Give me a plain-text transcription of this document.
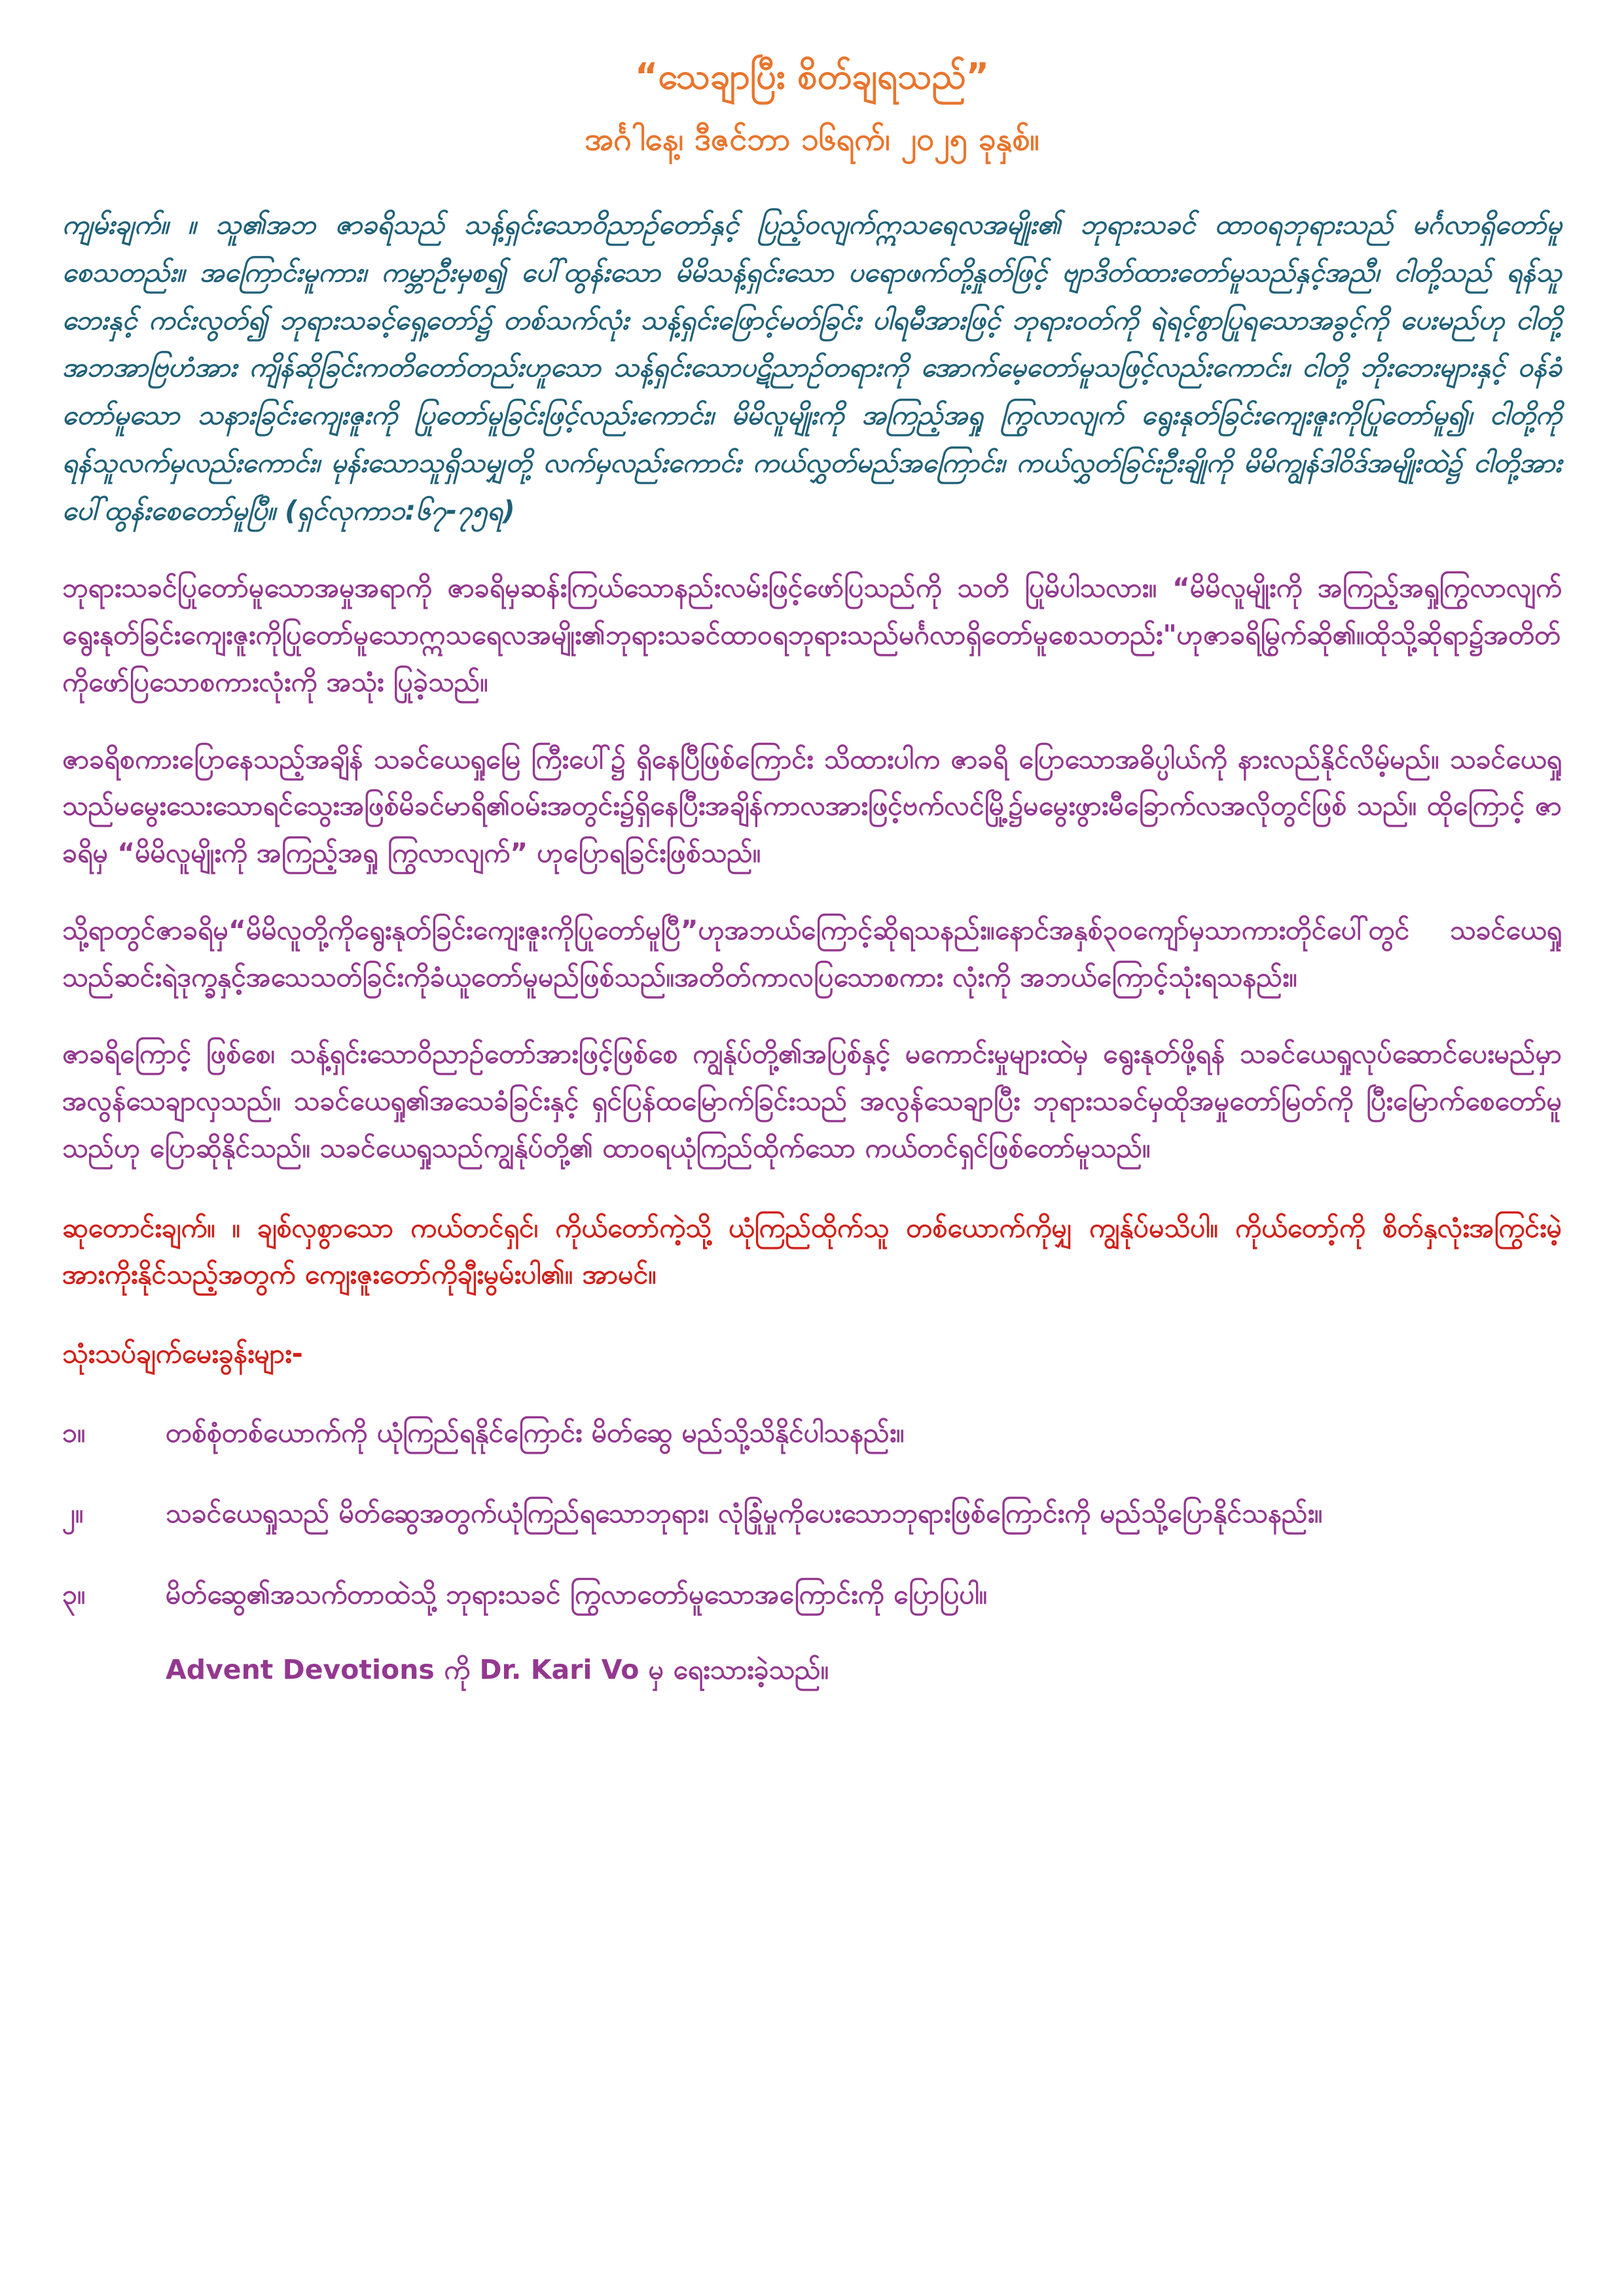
“သေချာပြီး စိတ်ချရသည်”
အင်္ဂါနေ့၊ ဒီဇင်ဘာ ၁၆ရက်၊ ၂၀၂၅ ခုနှစ်။

ကျမ်းချက်။ ။ သူ၏အဘ ဇာခရိသည် သန့်ရှင်းသောဝိညာဉ်တော်နှင့် ပြည့်ဝလျက်ဣသရေလအမျိုး၏ ဘုရားသခင် ထာဝရဘုရားသည် မင်္ဂလာရှိတော်မူစေသတည်း။ အကြောင်းမူကား၊ ကမ္ဘာဦးမှစ၍ ပေါ်ထွန်းသော မိမိသန့်ရှင်းသော ပရောဖက်တို့နှုတ်ဖြင့် ဗျာဒိတ်ထားတော်မူသည်နှင့်အညီ၊ ငါတို့သည် ရန်သူဘေးနှင့် ကင်းလွတ်၍ ဘုရားသခင့်ရှေ့တော်၌ တစ်သက်လုံး သန့်ရှင်းဖြောင့်မတ်ခြင်း ပါရမီအားဖြင့် ဘုရားဝတ်ကို ရဲရင့်စွာပြုရသောအခွင့်ကို ပေးမည်ဟု ငါတို့အဘအာဗြဟံအား ကျိန်ဆိုခြင်းကတိတော်တည်းဟူသော သန့်ရှင်းသောပဋိညာဉ်တရားကို အောက်မေ့တော်မူသဖြင့်လည်းကောင်း၊ ငါတို့ ဘိုးဘေးများနှင့် ဝန်ခံတော်မူသော သနားခြင်းကျေးဇူးကို ပြုတော်မူခြင်းဖြင့်လည်းကောင်း၊ မိမိလူမျိုးကို အကြည့်အရှု ကြွလာလျက် ရွေးနုတ်ခြင်းကျေးဇူးကိုပြုတော်မူ၍၊ ငါတို့ကို ရန်သူလက်မှလည်းကောင်း၊ မုန်းသောသူရှိသမျှတို့ လက်မှလည်းကောင်း ကယ်လွှတ်မည်အကြောင်း၊ ကယ်လွှတ်ခြင်းဦးချိုကို မိမိကျွန်ဒါဝိဒ်အမျိုးထဲ၌ ငါတို့အား ပေါ်ထွန်းစေတော်မူပြီ။ (ရှင်လုကာ၁:၆၇-၇၅ရ)

ဘုရားသခင်ပြုတော်မူသောအမှုအရာကို ဇာခရိမှဆန်းကြယ်သောနည်းလမ်းဖြင့်ဖော်ပြသည်ကို သတိ ပြုမိပါသလား။ “မိမိလူမျိုးကို အကြည့်အရှုကြွလာလျက်ရွေးနုတ်ခြင်းကျေးဇူးကိုပြုတော်မူသောဣသရေလအမျိုး၏ဘုရားသခင်ထာဝရဘုရားသည်မင်္ဂလာရှိတော်မူစေသတည်း"ဟုဇာခရိမြွက်ဆို၏။ထိုသို့ဆိုရာ၌အတိတ်ကိုဖော်ပြသောစကားလုံးကို အသုံး ပြုခဲ့သည်။

ဇာခရိစကားပြောနေသည့်အချိန် သခင်ယေရှုမြေ ကြီးပေါ်၌ ရှိနေပြီဖြစ်ကြောင်း သိထားပါက ဇာခရိ ပြောသောအဓိပ္ပါယ်ကို နားလည်နိုင်လိမ့်မည်။ သခင်ယေရှုသည်မမွေးသေးသောရင်သွေးအဖြစ်မိခင်မာရိ၏ဝမ်းအတွင်း၌ရှိနေပြီးအချိန်ကာလအားဖြင့်ဗက်လင်မြို့၌မမွေးဖွားမီခြောက်လအလိုတွင်ဖြစ် သည်။ ထိုကြောင့် ဇာခရိမှ “မိမိလူမျိုးကို အကြည့်အရှု ကြွလာလျက်” ဟုပြောရခြင်းဖြစ်သည်။

သို့ရာတွင်ဇာခရိမှ“မိမိလူတို့ကိုရွေးနုတ်ခြင်းကျေးဇူးကိုပြုတော်မူပြီ”ဟုအဘယ်ကြောင့်ဆိုရသနည်း။နောင်အနှစ်၃၀ကျော်မှသာကားတိုင်ပေါ်တွင် သခင်ယေရှုသည်ဆင်းရဲဒုက္ခနှင့်အသေသတ်ခြင်းကိုခံယူတော်မူမည်ဖြစ်သည်။အတိတ်ကာလပြသောစကား လုံးကို အဘယ်ကြောင့်သုံးရသနည်း။

ဇာခရိကြောင့် ဖြစ်စေ၊ သန့်ရှင်းသောဝိညာဉ်တော်အားဖြင့်ဖြစ်စေ ကျွန်ုပ်တို့၏အပြစ်နှင့် မကောင်းမှုများထဲမှ ရွေးနုတ်ဖို့ရန် သခင်ယေရှုလုပ်ဆောင်ပေးမည်မှာအလွန်သေချာလှသည်။ သခင်ယေရှု၏အသေခံခြင်းနှင့် ရှင်ပြန်ထမြောက်ခြင်းသည် အလွန်သေချာပြီး ဘုရားသခင်မှထိုအမှုတော်မြတ်ကို ပြီးမြောက်စေတော်မူသည်ဟု ပြောဆိုနိုင်သည်။ သခင်ယေရှုသည်ကျွန်ုပ်တို့၏ ထာဝရယုံကြည်ထိုက်သော ကယ်တင်ရှင်ဖြစ်တော်မူသည်။

ဆုတောင်းချက်။ ။ ချစ်လှစွာသော ကယ်တင်ရှင်၊ ကိုယ်တော်ကဲ့သို့ ယုံကြည်ထိုက်သူ တစ်ယောက်ကိုမျှ ကျွန်ုပ်မသိပါ။ ကိုယ်တော့်ကို စိတ်နှလုံးအကြွင်းမဲ့ အားကိုးနိုင်သည့်အတွက် ကျေးဇူးတော်ကိုချီးမွမ်းပါ၏။ အာမင်။

သုံးသပ်ချက်မေးခွန်းများ-

၁။	တစ်စုံတစ်ယောက်ကို ယုံကြည်ရနိုင်ကြောင်း မိတ်ဆွေ မည်သို့သိနိုင်ပါသနည်း။
၂။	သခင်ယေရှုသည် မိတ်ဆွေအတွက်ယုံကြည်ရသောဘုရား၊ လုံခြုံမှုကိုပေးသောဘုရားဖြစ်ကြောင်းကို မည်သို့ပြောနိုင်သနည်း။
၃။	မိတ်ဆွေ၏အသက်တာထဲသို့ ဘုရားသခင် ကြွလာတော်မူသောအကြောင်းကို ပြောပြပါ။

Advent Devotions ကို Dr. Kari Vo မှ ရေးသားခဲ့သည်။
